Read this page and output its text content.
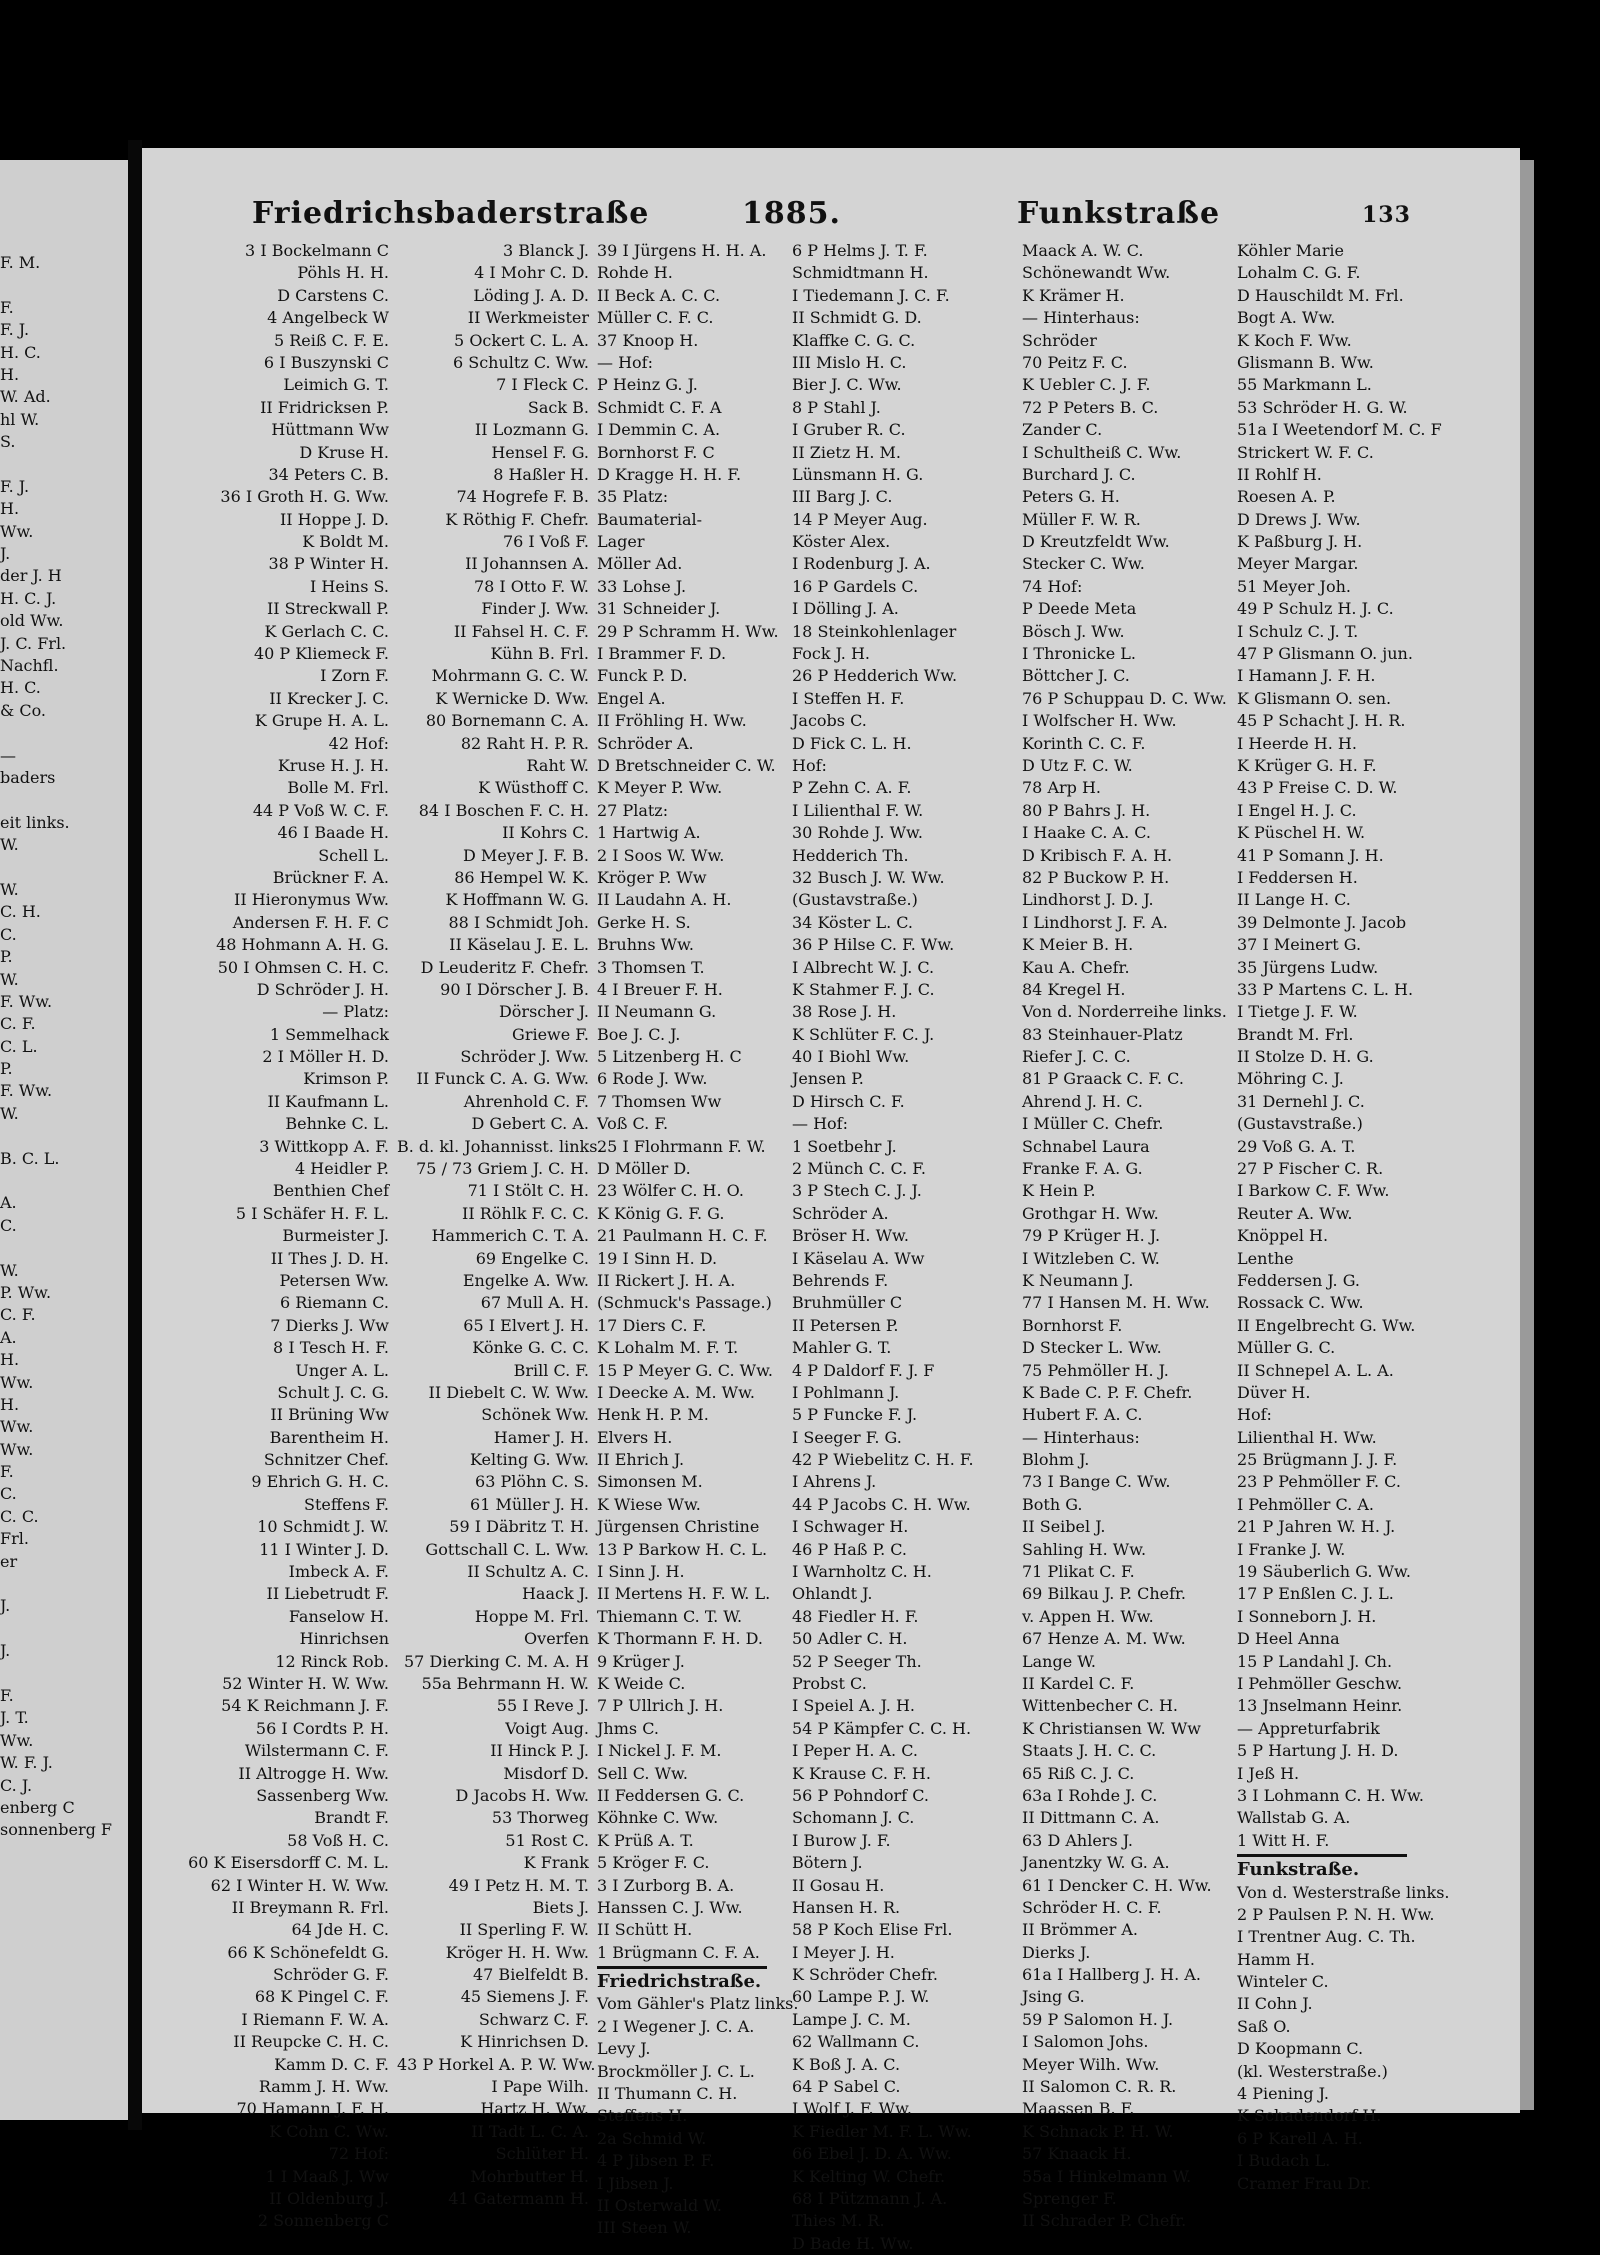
F. M.
F.
F. J.
H. C.
H.
W. Ad.
hl W.
S.
F. J.
H.
Ww.
J.
der J. H
H. C. J.
old Ww.
J. C. Frl.
Nachfl.
H. C.
& Co.
—
baders
eit links.
W.
W.
C. H.
C.
P.
W.
F. Ww.
C. F.
C. L.
P.
F. Ww.
W.
B. C. L.
A.
C.
W.
P. Ww.
C. F.
A.
H.
Ww.
H.
Ww.
Ww.
F.
C.
C. C.
Frl.
er
J.
J.
F.
J. T.
Ww.
W. F. J.
C. J.
enberg C
sonnenberg F
Friedrichsbaderstraße	1885.	Funkstraße	133
3 I Bockelmann C
Pöhls H. H.
D Carstens C.
4 Angelbeck W
5 Reiß C. F. E.
6 I Buszynski C
Leimich G. T.
II Fridricksen P.
Hüttmann Ww
D Kruse H.
34 Peters C. B.
36 I Groth H. G. Ww.
II Hoppe J. D.
K Boldt M.
38 P Winter H.
I Heins S.
II Streckwall P.
K Gerlach C. C.
40 P Kliemeck F.
I Zorn F.
II Krecker J. C.
K Grupe H. A. L.
42 Hof:
Kruse H. J. H.
Bolle M. Frl.
44 P Voß W. C. F.
46 I Baade H.
Schell L.
Brückner F. A.
II Hieronymus Ww.
Andersen F. H. F. C
48 Hohmann A. H. G.
50 I Ohmsen C. H. C.
D Schröder J. H.
— Platz:
1 Semmelhack
2 I Möller H. D.
Krimson P.
II Kaufmann L.
Behnke C. L.
3 Wittkopp A. F.
4 Heidler P.
Benthien Chef
5 I Schäfer H. F. L.
Burmeister J.
II Thes J. D. H.
Petersen Ww.
6 Riemann C.
7 Dierks J. Ww
8 I Tesch H. F.
Unger A. L.
Schult J. C. G.
II Brüning Ww
Barentheim H.
Schnitzer Chef.
9 Ehrich G. H. C.
Steffens F.
10 Schmidt J. W.
11 I Winter J. D.
Imbeck A. F.
II Liebetrudt F.
Fanselow H.
Hinrichsen
12 Rinck Rob.
52 Winter H. W. Ww.
54 K Reichmann J. F.
56 I Cordts P. H.
Wilstermann C. F.
II Altrogge H. Ww.
Sassenberg Ww.
Brandt F.
58 Voß H. C.
60 K Eisersdorff C. M. L.
62 I Winter H. W. Ww.
II Breymann R. Frl.
64 Jde H. C.
66 K Schönefeldt G.
Schröder G. F.
68 K Pingel C. F.
I Riemann F. W. A.
II Reupcke C. H. C.
Kamm D. C. F.
Ramm J. H. Ww.
70 Hamann J. F. H.
K Cohn C. Ww.
72 Hof:
1 I Maaß J. Ww
II Oldenburg J.
2 Sonnenberg C
3 Blanck J.
4 I Mohr C. D.
Löding J. A. D.
II Werkmeister
5 Ockert C. L. A.
6 Schultz C. Ww.
7 I Fleck C.
Sack B.
II Lozmann G.
Hensel F. G.
8 Haßler H.
74 Hogrefe F. B.
K Röthig F. Chefr.
76 I Voß F.
II Johannsen A.
78 I Otto F. W.
Finder J. Ww.
II Fahsel H. C. F.
Kühn B. Frl.
Mohrmann G. C. W.
K Wernicke D. Ww.
80 Bornemann C. A.
82 Raht H. P. R.
Raht W.
K Wüsthoff C.
84 I Boschen F. C. H.
II Kohrs C.
D Meyer J. F. B.
86 Hempel W. K.
K Hoffmann W. G.
88 I Schmidt Joh.
II Käselau J. E. L.
D Leuderitz F. Chefr.
90 I Dörscher J. B.
Dörscher J.
Griewe F.
Schröder J. Ww.
II Funck C. A. G. Ww.
Ahrenhold C. F.
D Gebert C. A.
B. d. kl. Johannisst. links.
75 / 73 Griem J. C. H.
71 I Stölt C. H.
II Röhlk F. C. C.
Hammerich C. T. A.
69 Engelke C.
Engelke A. Ww.
67 Mull A. H.
65 I Elvert J. H.
Könke G. C. C.
Brill C. F.
II Diebelt C. W. Ww.
Schönek Ww.
Hamer J. H.
Kelting G. Ww.
63 Plöhn C. S.
61 Müller J. H.
59 I Däbritz T. H.
Gottschall C. L. Ww.
II Schultz A. C.
Haack J.
Hoppe M. Frl.
Overfen
57 Dierking C. M. A. H
55a Behrmann H. W.
55 I Reve J.
Voigt Aug.
II Hinck P. J.
Misdorf D.
D Jacobs H. Ww.
53 Thorweg
51 Rost C.
K Frank
49 I Petz H. M. T.
Biets J.
II Sperling F. W.
Kröger H. H. Ww.
47 Bielfeldt B.
45 Siemens J. F.
Schwarz C. F.
K Hinrichsen D.
43 P Horkel A. P. W. Ww.
I Pape Wilh.
Hartz H. Ww.
II Tadt L. C. A.
Schlüter H.
Mohrbutter H.
41 Gatermann H.
39 I Jürgens H. H. A.
Rohde H.
II Beck A. C. C.
Müller C. F. C.
37 Knoop H.
— Hof:
P Heinz G. J.
Schmidt C. F. A
I Demmin C. A.
Bornhorst F. C
D Kragge H. H. F.
35 Platz:
Baumaterial-
Lager
Möller Ad.
33 Lohse J.
31 Schneider J.
29 P Schramm H. Ww.
I Brammer F. D.
Funck P. D.
Engel A.
II Fröhling H. Ww.
Schröder A.
D Bretschneider C. W.
K Meyer P. Ww.
27 Platz:
1 Hartwig A.
2 I Soos W. Ww.
Kröger P. Ww
II Laudahn A. H.
Gerke H. S.
Bruhns Ww.
3 Thomsen T.
4 I Breuer F. H.
II Neumann G.
Boe J. C. J.
5 Litzenberg H. C
6 Rode J. Ww.
7 Thomsen Ww
Voß C. F.
25 I Flohrmann F. W.
D Möller D.
23 Wölfer C. H. O.
K König G. F. G.
21 Paulmann H. C. F.
19 I Sinn H. D.
II Rickert J. H. A.
(Schmuck's Passage.)
17 Diers C. F.
K Lohalm M. F. T.
15 P Meyer G. C. Ww.
I Deecke A. M. Ww.
Henk H. P. M.
Elvers H.
II Ehrich J.
Simonsen M.
K Wiese Ww.
Jürgensen Christine
13 P Barkow H. C. L.
I Sinn J. H.
II Mertens H. F. W. L.
Thiemann C. T. W.
K Thormann F. H. D.
9 Krüger J.
K Weide C.
7 P Ullrich J. H.
Jhms C.
I Nickel J. F. M.
Sell C. Ww.
II Feddersen G. C.
Köhnke C. Ww.
K Prüß A. T.
5 Kröger F. C.
3 I Zurborg B. A.
Hanssen C. J. Ww.
II Schütt H.
1 Brügmann C. F. A.
Friedrichstraße.
Vom Gähler's Platz links.
2 I Wegener J. C. A.
Levy J.
Brockmöller J. C. L.
II Thumann C. H.
Steffens H.
2a Schmid W.
4 P Jibsen P. F.
I Jibsen J.
II Osterwald W.
III Steen W.
6 P Helms J. T. F.
Schmidtmann H.
I Tiedemann J. C. F.
II Schmidt G. D.
Klaffke C. G. C.
III Mislo H. C.
Bier J. C. Ww.
8 P Stahl J.
I Gruber R. C.
II Zietz H. M.
Lünsmann H. G.
III Barg J. C.
14 P Meyer Aug.
Köster Alex.
I Rodenburg J. A.
16 P Gardels C.
I Dölling J. A.
18 Steinkohlenlager
Fock J. H.
26 P Hedderich Ww.
I Steffen H. F.
Jacobs C.
D Fick C. L. H.
Hof:
P Zehn C. A. F.
I Lilienthal F. W.
30 Rohde J. Ww.
Hedderich Th.
32 Busch J. W. Ww.
(Gustavstraße.)
34 Köster L. C.
36 P Hilse C. F. Ww.
I Albrecht W. J. C.
K Stahmer F. J. C.
38 Rose J. H.
K Schlüter F. C. J.
40 I Biohl Ww.
Jensen P.
D Hirsch C. F.
— Hof:
1 Soetbehr J.
2 Münch C. C. F.
3 P Stech C. J. J.
Schröder A.
Bröser H. Ww.
I Käselau A. Ww
Behrends F.
Bruhmüller C
II Petersen P.
Mahler G. T.
4 P Daldorf F. J. F
I Pohlmann J.
5 P Funcke F. J.
I Seeger F. G.
42 P Wiebelitz C. H. F.
I Ahrens J.
44 P Jacobs C. H. Ww.
I Schwager H.
46 P Haß P. C.
I Warnholtz C. H.
Ohlandt J.
48 Fiedler H. F.
50 Adler C. H.
52 P Seeger Th.
Probst C.
I Speiel A. J. H.
54 P Kämpfer C. C. H.
I Peper H. A. C.
K Krause C. F. H.
56 P Pohndorf C.
Schomann J. C.
I Burow J. F.
Bötern J.
II Gosau H.
Hansen H. R.
58 P Koch Elise Frl.
I Meyer J. H.
K Schröder Chefr.
60 Lampe P. J. W.
Lampe J. C. M.
62 Wallmann C.
K Boß J. A. C.
64 P Sabel C.
I Wolf J. F. Ww.
K Fiedler M. F. L. Ww.
66 Ebel J. D. A. Ww.
K Kelting W. Chefr.
68 I Pützmann J. A.
Thies M. R.
D Bade H. Ww.
Maack A. W. C.
Schönewandt Ww.
K Krämer H.
— Hinterhaus:
Schröder
70 Peitz F. C.
K Uebler C. J. F.
72 P Peters B. C.
Zander C.
I Schultheiß C. Ww.
Burchard J. C.
Peters G. H.
Müller F. W. R.
D Kreutzfeldt Ww.
Stecker C. Ww.
74 Hof:
P Deede Meta
Bösch J. Ww.
I Thronicke L.
Böttcher J. C.
76 P Schuppau D. C. Ww.
I Wolfscher H. Ww.
Korinth C. C. F.
D Utz F. C. W.
78 Arp H.
80 P Bahrs J. H.
I Haake C. A. C.
D Kribisch F. A. H.
82 P Buckow P. H.
Lindhorst J. D. J.
I Lindhorst J. F. A.
K Meier B. H.
Kau A. Chefr.
84 Kregel H.
Von d. Norderreihe links.
83 Steinhauer-Platz
Riefer J. C. C.
81 P Graack C. F. C.
Ahrend J. H. C.
I Müller C. Chefr.
Schnabel Laura
Franke F. A. G.
K Hein P.
Grothgar H. Ww.
79 P Krüger H. J.
I Witzleben C. W.
K Neumann J.
77 I Hansen M. H. Ww.
Bornhorst F.
D Stecker L. Ww.
75 Pehmöller H. J.
K Bade C. P. F. Chefr.
Hubert F. A. C.
— Hinterhaus:
Blohm J.
73 I Bange C. Ww.
Both G.
II Seibel J.
Sahling H. Ww.
71 Plikat C. F.
69 Bilkau J. P. Chefr.
v. Appen H. Ww.
67 Henze A. M. Ww.
Lange W.
II Kardel C. F.
Wittenbecher C. H.
K Christiansen W. Ww
Staats J. H. C. C.
65 Riß C. J. C.
63a I Rohde J. C.
II Dittmann C. A.
63 D Ahlers J.
Janentzky W. G. A.
61 I Dencker C. H. Ww.
Schröder H. C. F.
II Brömmer A.
Dierks J.
61a I Hallberg J. H. A.
Jsing G.
59 P Salomon H. J.
I Salomon Johs.
Meyer Wilh. Ww.
II Salomon C. R. R.
Maassen B. F.
K Schnack P. H. W.
57 Knaack H.
55a I Hinkelmann W.
Sprenger F.
II Schrader P. Chefr.
Köhler Marie
Lohalm C. G. F.
D Hauschildt M. Frl.
Bogt A. Ww.
K Koch F. Ww.
Glismann B. Ww.
55 Markmann L.
53 Schröder H. G. W.
51a I Weetendorf M. C. F
Strickert W. F. C.
II Rohlf H.
Roesen A. P.
D Drews J. Ww.
K Paßburg J. H.
Meyer Margar.
51 Meyer Joh.
49 P Schulz H. J. C.
I Schulz C. J. T.
47 P Glismann O. jun.
I Hamann J. F. H.
K Glismann O. sen.
45 P Schacht J. H. R.
I Heerde H. H.
K Krüger G. H. F.
43 P Freise C. D. W.
I Engel H. J. C.
K Püschel H. W.
41 P Somann J. H.
I Feddersen H.
II Lange H. C.
39 Delmonte J. Jacob
37 I Meinert G.
35 Jürgens Ludw.
33 P Martens C. L. H.
I Tietge J. F. W.
Brandt M. Frl.
II Stolze D. H. G.
Möhring C. J.
31 Dernehl J. C.
(Gustavstraße.)
29 Voß G. A. T.
27 P Fischer C. R.
I Barkow C. F. Ww.
Reuter A. Ww.
Knöppel H.
Lenthe
Feddersen J. G.
Rossack C. Ww.
II Engelbrecht G. Ww.
Müller G. C.
II Schnepel A. L. A.
Düver H.
Hof:
Lilienthal H. Ww.
25 Brügmann J. J. F.
23 P Pehmöller F. C.
I Pehmöller C. A.
21 P Jahren W. H. J.
I Franke J. W.
19 Säuberlich G. Ww.
17 P Enßlen C. J. L.
I Sonneborn J. H.
D Heel Anna
15 P Landahl J. Ch.
I Pehmöller Geschw.
13 Jnselmann Heinr.
— Appreturfabrik
5 P Hartung J. H. D.
I Jeß H.
3 I Lohmann C. H. Ww.
Wallstab G. A.
1 Witt H. F.
Funkstraße.
Von d. Westerstraße links.
2 P Paulsen P. N. H. Ww.
I Trentner Aug. C. Th.
Hamm H.
Winteler C.
II Cohn J.
Saß O.
D Koopmann C.
(kl. Westerstraße.)
4 Piening J.
K Schadendorf H.
6 P Karell A. H.
I Budach L.
Cramer Frau Dr.
